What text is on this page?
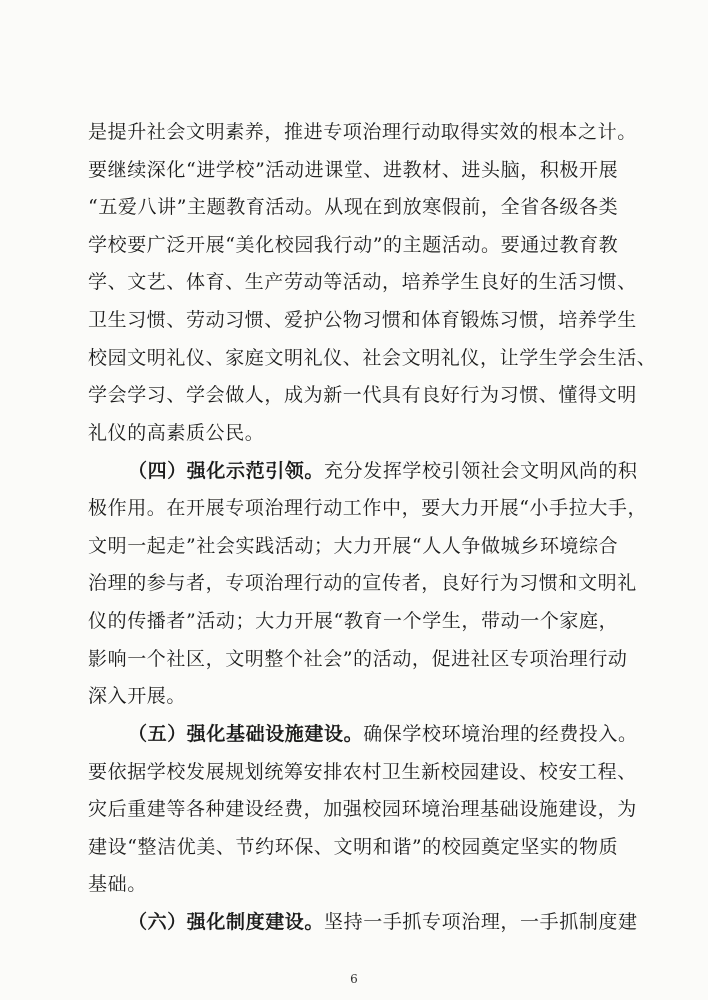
是提升社会文明素养，推进专项治理行动取得实效的根本之计。
要继续深化“进学校”活动进课堂、进教材、进头脑，积极开展
“五爱八讲”主题教育活动。从现在到放寒假前，全省各级各类
学校要广泛开展“美化校园我行动”的主题活动。要通过教育教
学、文艺、体育、生产劳动等活动，培养学生良好的生活习惯、
卫生习惯、劳动习惯、爱护公物习惯和体育锻炼习惯，培养学生
校园文明礼仪、家庭文明礼仪、社会文明礼仪，让学生学会生活、
学会学习、学会做人，成为新一代具有良好行为习惯、懂得文明
礼仪的高素质公民。
（四）强化示范引领。充分发挥学校引领社会文明风尚的积
极作用。在开展专项治理行动工作中，要大力开展“小手拉大手，
文明一起走”社会实践活动；大力开展“人人争做城乡环境综合
治理的参与者，专项治理行动的宣传者，良好行为习惯和文明礼
仪的传播者”活动；大力开展“教育一个学生，带动一个家庭，
影响一个社区，文明整个社会”的活动，促进社区专项治理行动
深入开展。
（五）强化基础设施建设。确保学校环境治理的经费投入。
要依据学校发展规划统筹安排农村卫生新校园建设、校安工程、
灾后重建等各种建设经费，加强校园环境治理基础设施建设，为
建设“整洁优美、节约环保、文明和谐”的校园奠定坚实的物质
基础。
（六）强化制度建设。坚持一手抓专项治理，一手抓制度建
6
